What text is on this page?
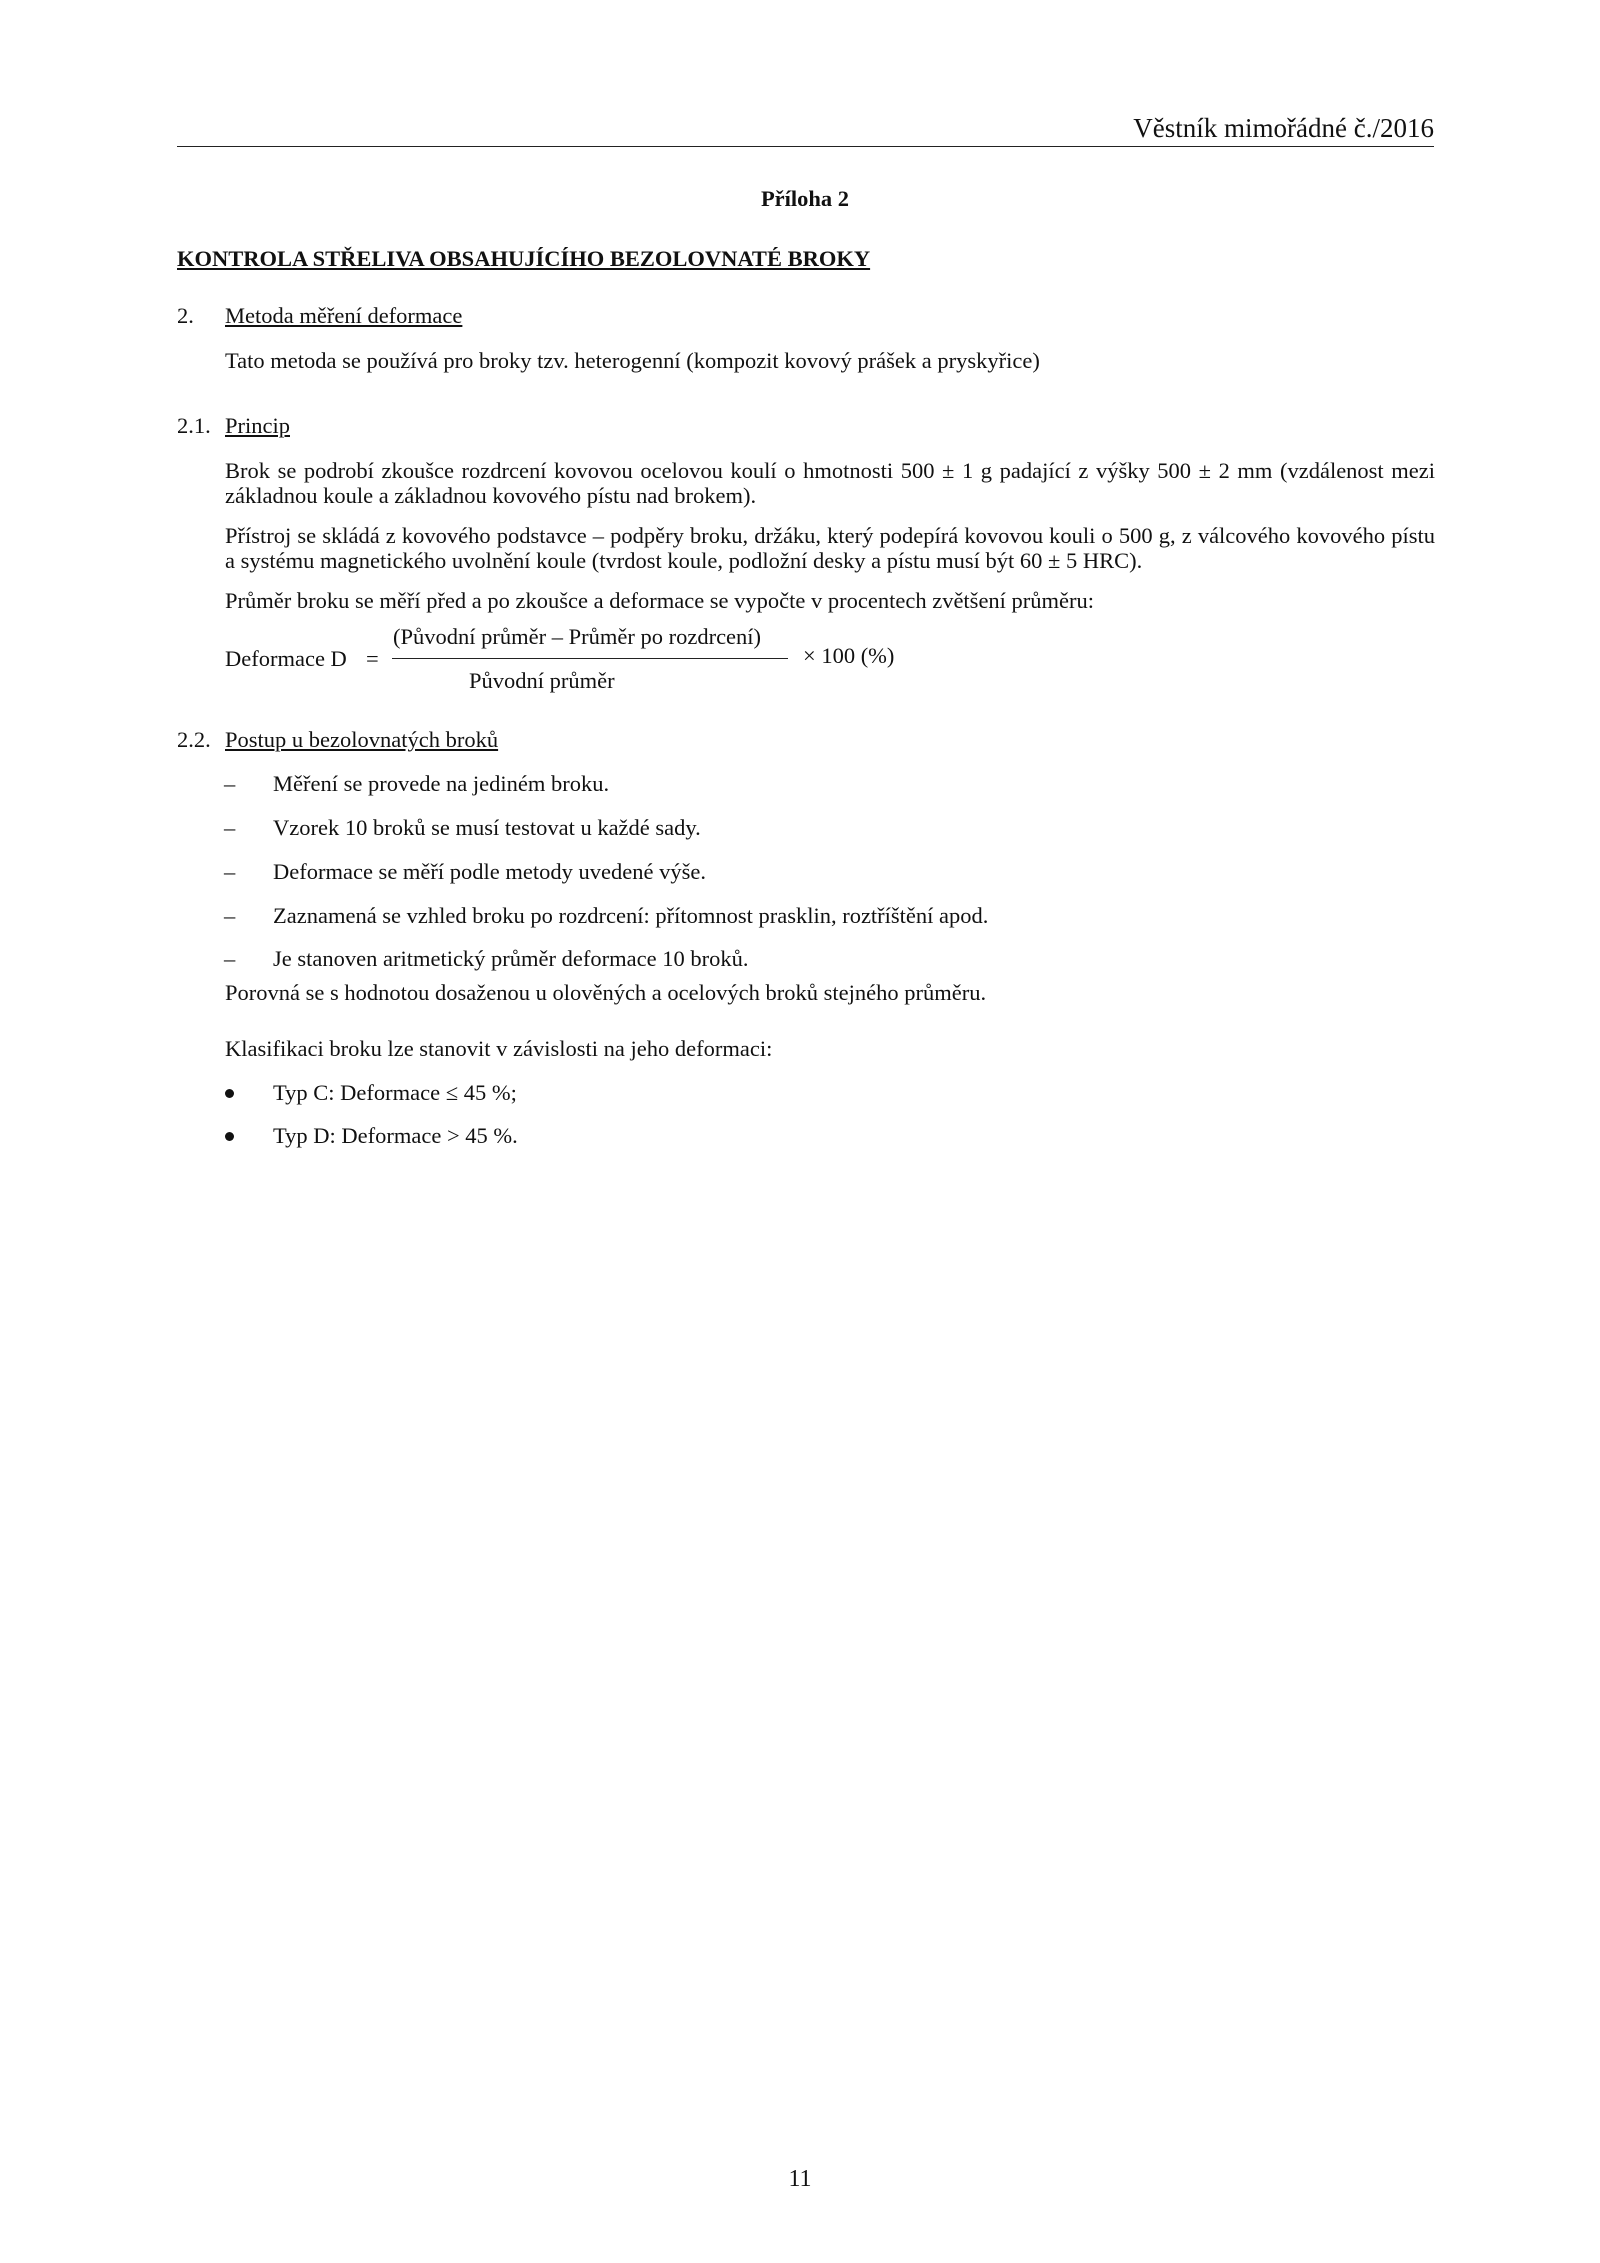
Věstník mimořádné č./2016
Příloha 2
KONTROLA STŘELIVA OBSAHUJÍCÍHO BEZOLOVNATÉ BROKY
2. Metoda měření deformace
Tato metoda se používá pro broky tzv. heterogenní (kompozit kovový prášek a pryskyřice)
2.1. Princip
Brok se podrobí zkoušce rozdrcení kovovou ocelovou koulí o hmotnosti 500 ± 1 g padající z výšky 500 ± 2 mm (vzdálenost mezi základnou koule a základnou kovového pístu nad brokem).
Přístroj se skládá z kovového podstavce – podpěry broku, držáku, který podepírá kovovou kouli o 500 g, z válcového kovového pístu a systému magnetického uvolnění koule (tvrdost koule, podložní desky a pístu musí být 60 ± 5 HRC).
Průměr broku se měří před a po zkoušce a deformace se vypočte v procentech zvětšení průměru:
Deformace D =
(Původní průměr – Průměr po rozdrcení)
Původní průměr
× 100 (%)
2.2. Postup u bezolovnatých broků
–	Měření se provede na jediném broku.
–	Vzorek 10 broků se musí testovat u každé sady.
–	Deformace se měří podle metody uvedené výše.
–	Zaznamená se vzhled broku po rozdrcení: přítomnost prasklin, roztříštění apod.
–	Je stanoven aritmetický průměr deformace 10 broků.
Porovná se s hodnotou dosaženou u olověných a ocelových broků stejného průměru.
Klasifikaci broku lze stanovit v závislosti na jeho deformaci:
Typ C: Deformace ≤ 45 %;
Typ D: Deformace > 45 %.
11
